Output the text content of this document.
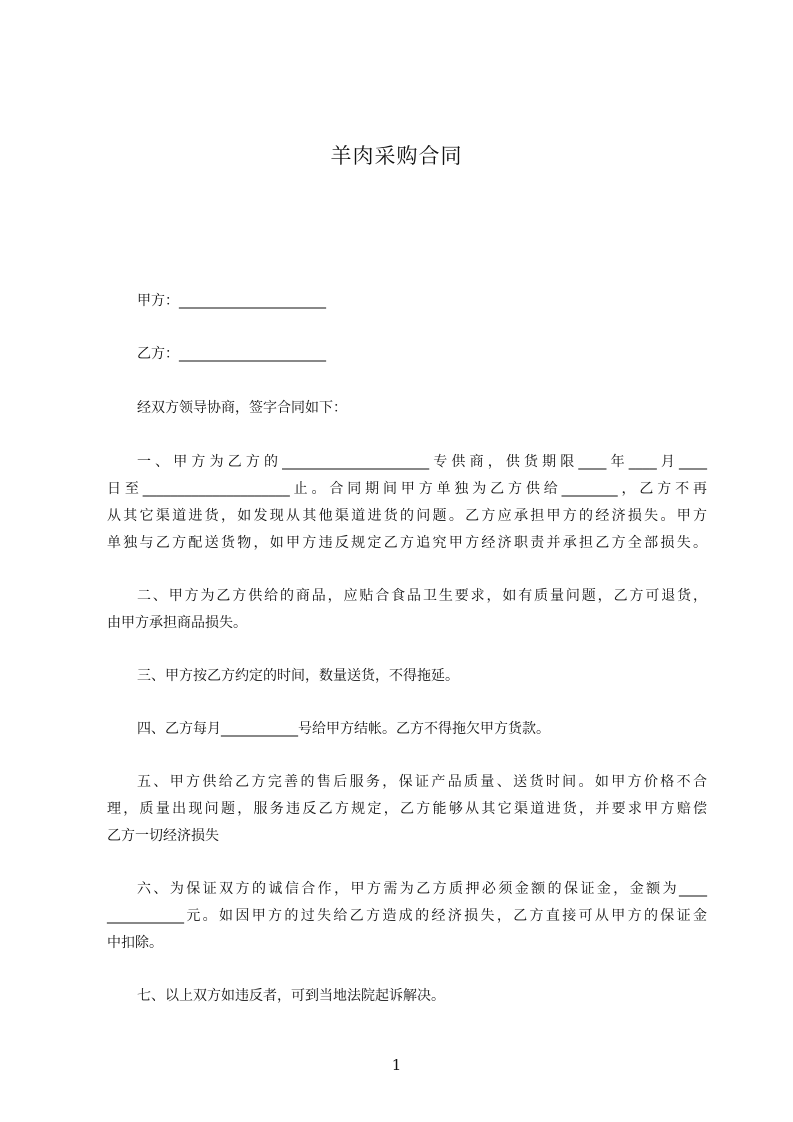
羊肉采购合同
甲方：_____________________
乙方：_____________________
经双方领导协商，签字合同如下：
一、甲方为乙方的_____________________专供商，供货期限____年____月____
日至_____________________止。合同期间甲方单独为乙方供给________，乙方不再
从其它渠道进货，如发现从其他渠道进货的问题。乙方应承担甲方的经济损失。甲方
单独与乙方配送货物，如甲方违反规定乙方追究甲方经济职责并承担乙方全部损失。
二、甲方为乙方供给的商品，应贴合食品卫生要求，如有质量问题，乙方可退货，
由甲方承担商品损失。
三、甲方按乙方约定的时间，数量送货，不得拖延。
四、乙方每月___________号给甲方结帐。乙方不得拖欠甲方货款。
五、甲方供给乙方完善的售后服务，保证产品质量、送货时间。如甲方价格不合
理，质量出现问题，服务违反乙方规定，乙方能够从其它渠道进货，并要求甲方赔偿
乙方一切经济损失
六、为保证双方的诚信合作，甲方需为乙方质押必须金额的保证金，金额为____
___________元。如因甲方的过失给乙方造成的经济损失，乙方直接可从甲方的保证金
中扣除。
七、以上双方如违反者，可到当地法院起诉解决。
1
